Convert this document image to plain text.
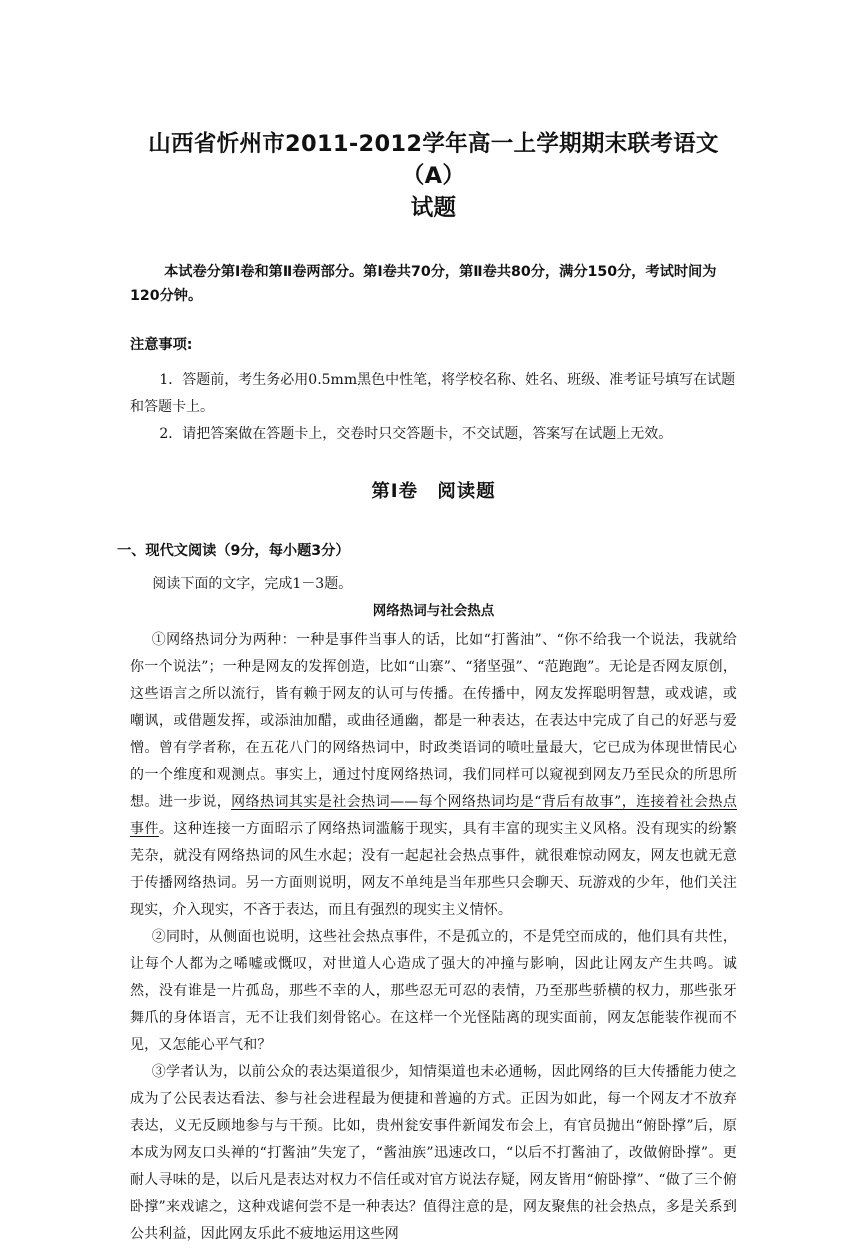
山西省忻州市2011-2012学年高一上学期期末联考语文（A）
试题
本试卷分第Ⅰ卷和第Ⅱ卷两部分。第Ⅰ卷共70分，第Ⅱ卷共80分，满分150分，考试时间为120分钟。
注意事项:
1．答题前，考生务必用0.5mm黑色中性笔，将学校名称、姓名、班级、准考证号填写在试题和答题卡上。
2．请把答案做在答题卡上，交卷时只交答题卡，不交试题，答案写在试题上无效。
第Ⅰ卷　阅读题
一、现代文阅读（9分，每小题3分）
阅读下面的文字，完成1－3题。
网络热词与社会热点

①网络热词分为两种：一种是事件当事人的话，比如“打酱油”、“你不给我一个说法，我就给你一个说法”；一种是网友的发挥创造，比如“山寨”、“猪坚强”、“范跑跑”。无论是否网友原创，这些语言之所以流行，皆有赖于网友的认可与传播。在传播中，网友发挥聪明智慧，或戏谑，或嘲讽，或借题发挥，或添油加醋，或曲径通幽，都是一种表达，在表达中完成了自己的好恶与爱憎。曾有学者称，在五花八门的网络热词中，时政类语词的喷吐量最大，它已成为体现世情民心的一个维度和观测点。事实上，通过忖度网络热词，我们同样可以窥视到网友乃至民众的所思所想。进一步说，网络热词其实是社会热词——每个网络热词均是“背后有故事”，连接着社会热点事件。这种连接一方面昭示了网络热词滥觞于现实，具有丰富的现实主义风格。没有现实的纷繁芜杂，就没有网络热词的风生水起；没有一起起社会热点事件，就很难惊动网友，网友也就无意于传播网络热词。另一方面则说明，网友不单纯是当年那些只会聊天、玩游戏的少年，他们关注现实，介入现实，不吝于表达，而且有强烈的现实主义情怀。

②同时，从侧面也说明，这些社会热点事件，不是孤立的，不是凭空而成的，他们具有共性，让每个人都为之唏嘘或慨叹，对世道人心造成了强大的冲撞与影响，因此让网友产生共鸣。诚然，没有谁是一片孤岛，那些不幸的人，那些忍无可忍的表情，乃至那些骄横的权力，那些张牙舞爪的身体语言，无不让我们刻骨铭心。在这样一个光怪陆离的现实面前，网友怎能装作视而不见，又怎能心平气和？

③学者认为，以前公众的表达渠道很少，知情渠道也未必通畅，因此网络的巨大传播能力使之成为了公民表达看法、参与社会进程最为便捷和普遍的方式。正因为如此，每一个网友才不放弃表达，义无反顾地参与与干预。比如，贵州瓮安事件新闻发布会上，有官员抛出“俯卧撑”后，原本成为网友口头禅的“打酱油”失宠了，“酱油族”迅速改口，“以后不打酱油了，改做俯卧撑”。更耐人寻味的是，以后凡是表达对权力不信任或对官方说法存疑，网友皆用“俯卧撑”、“做了三个俯卧撑”来戏谑之，这种戏谑何尝不是一种表达？值得注意的是，网友聚焦的社会热点，多是关系到公共利益，因此网友乐此不疲地运用这些网
